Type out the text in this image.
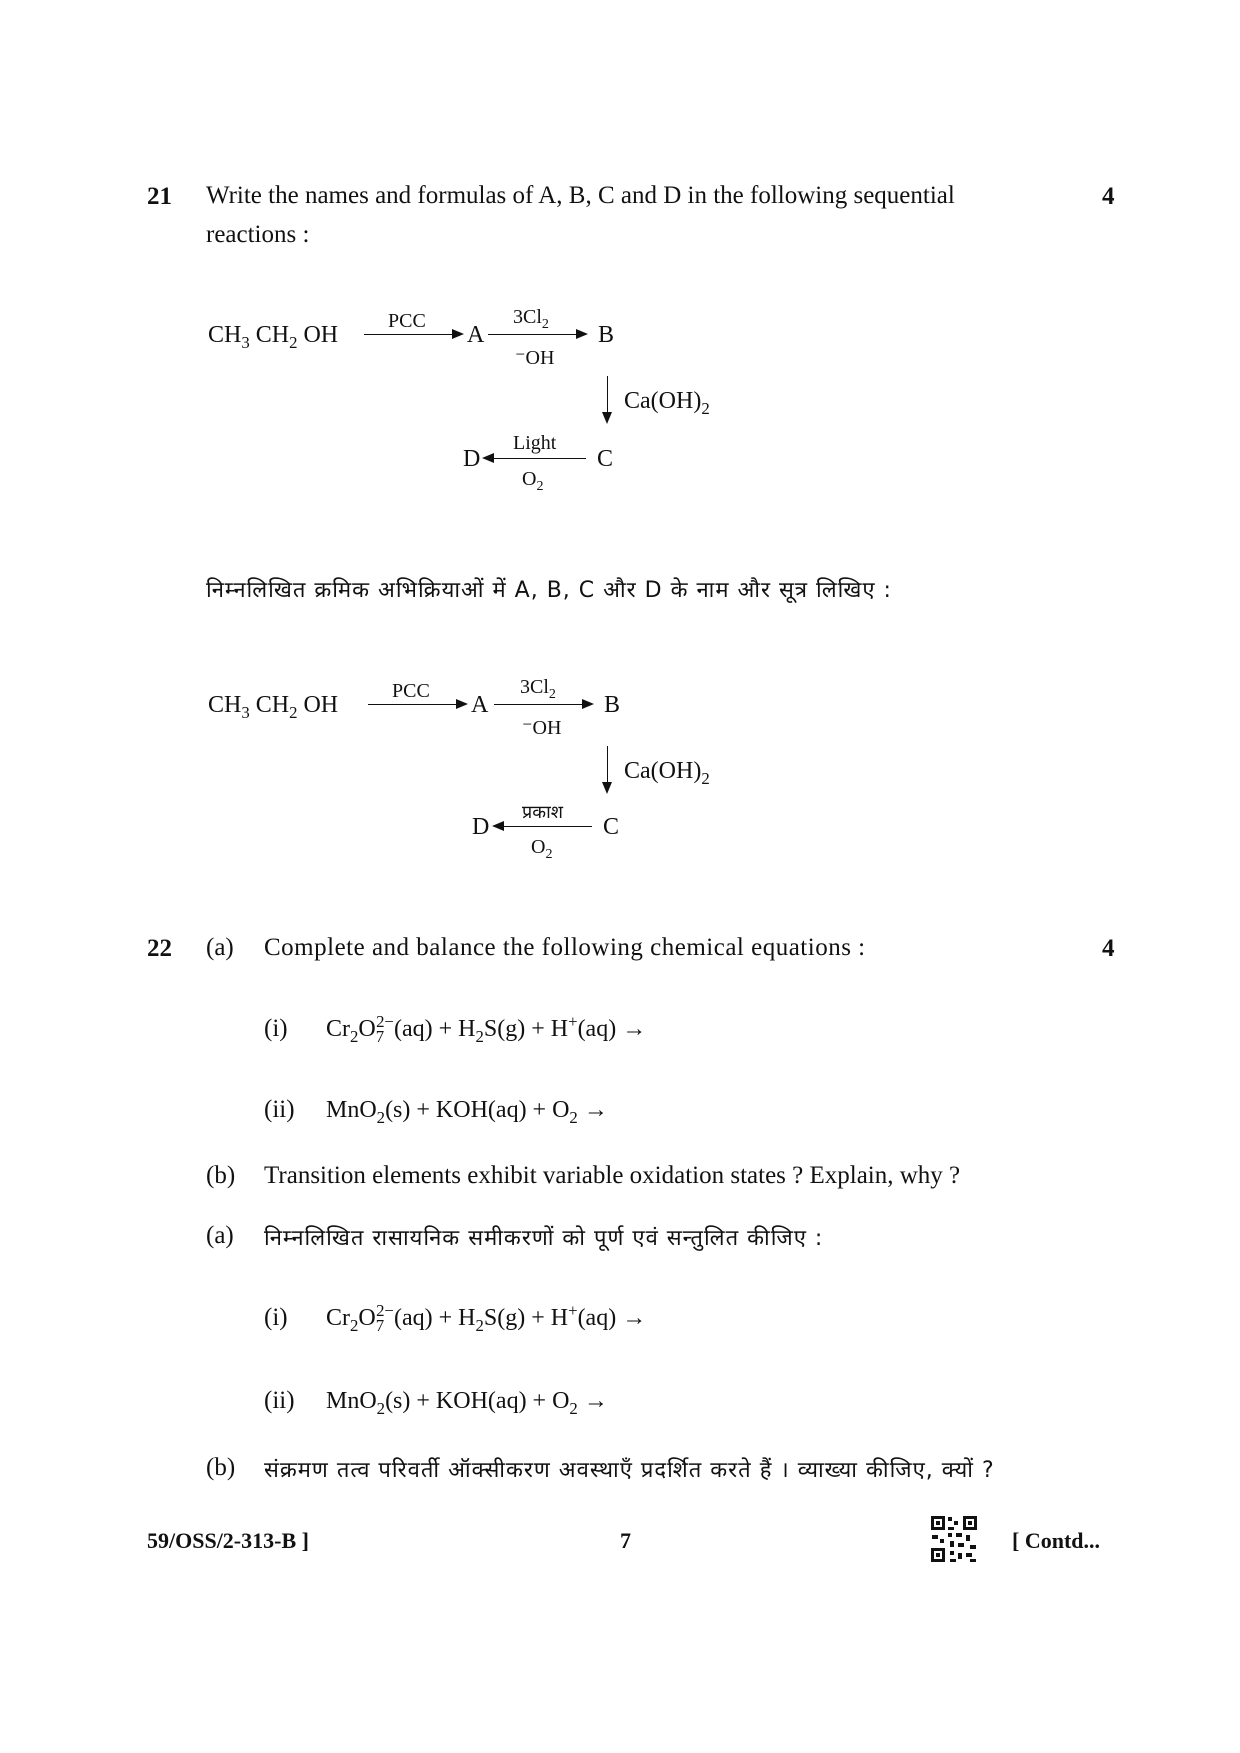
21 Write the names and formulas of A, B, C and D in the following sequential
reactions :
4
$CH_3$ $CH_2$ OH
PCC
A
$3Cl_2$
⁻OH
B
$Ca(OH)_2$
D
Light
$O_2$
C
निम्नलिखित क्रमिक अभिक्रियाओं में A, B, C और D के नाम और सूत्र लिखिए :
$CH_3$ $CH_2$ OH
PCC
A
$3Cl_2$
⁻OH
B
$Ca(OH)_2$
D
प्रकाश
$O_2$
C
22 (a) Complete and balance the following chemical equations :	4
(i) $Cr_2O_7^{2-}(aq) + H_2S(g) + H^+(aq)$ →
(ii) $MnO_2(s) + KOH(aq) + O_2$ →
(b) Transition elements exhibit variable oxidation states ? Explain, why ?
(a) निम्नलिखित रासायनिक समीकरणों को पूर्ण एवं सन्तुलित कीजिए :
(i) $Cr_2O_7^{2-}(aq) + H_2S(g) + H^+(aq)$ →
(ii) $MnO_2(s) + KOH(aq) + O_2$ →
(b) संक्रमण तत्व परिवर्ती ऑक्सीकरण अवस्थाएँ प्रदर्शित करते हैं । व्याख्या कीजिए, क्यों ?
59/OSS/2-313-B ]	7	[ Contd...
